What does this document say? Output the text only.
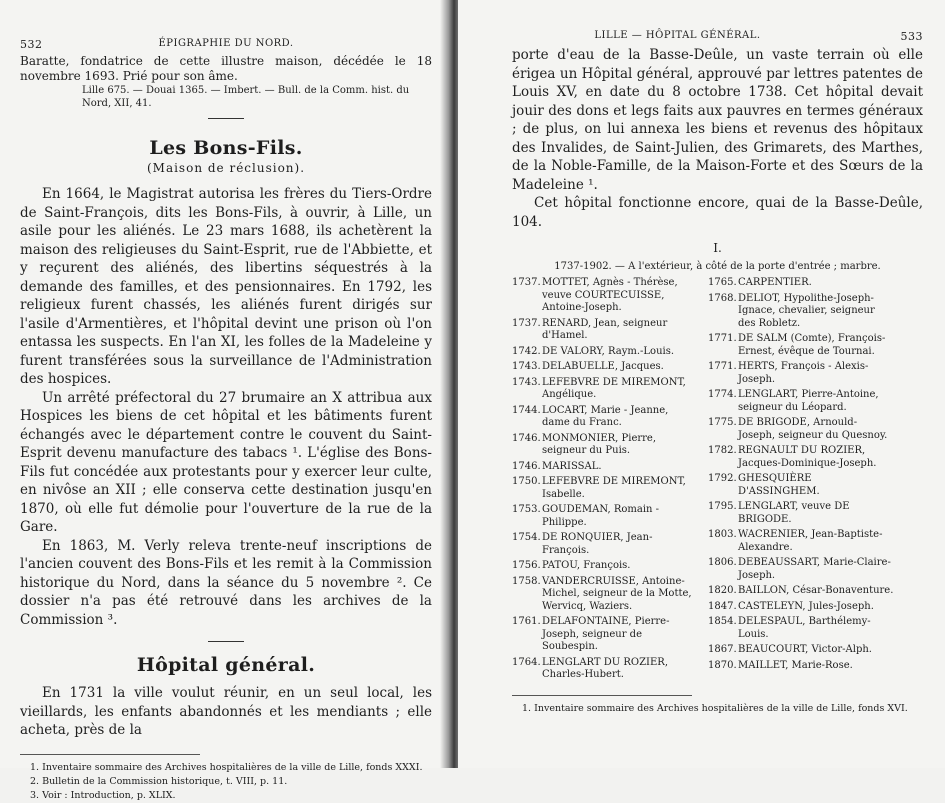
532	ÉPIGRAPHIE DU NORD.

Baratte, fondatrice de cette illustre maison, décédée le 18 novembre 1693. Prié pour son âme.

Lille 675. — Douai 1365. — Imbert. — Bull. de la Comm. hist. du Nord, XII, 41.

Les Bons-Fils.
(Maison de réclusion).

En 1664, le Magistrat autorisa les frères du Tiers-Ordre de Saint-François, dits les Bons-Fils, à ouvrir, à Lille, un asile pour les aliénés. Le 23 mars 1688, ils achetèrent la maison des religieuses du Saint-Esprit, rue de l'Abbiette, et y reçurent des aliénés, des libertins séquestrés à la demande des familles, et des pensionnaires. En 1792, les religieux furent chassés, les aliénés furent dirigés sur l'asile d'Armentières, et l'hôpital devint une prison où l'on entassa les suspects. En l'an XI, les folles de la Madeleine y furent transférées sous la surveillance de l'Administration des hospices.

Un arrêté préfectoral du 27 brumaire an X attribua aux Hospices les biens de cet hôpital et les bâtiments furent échangés avec le département contre le couvent du Saint-Esprit devenu manufacture des tabacs ¹. L'église des Bons-Fils fut concédée aux protestants pour y exercer leur culte, en nivôse an XII ; elle conserva cette destination jusqu'en 1870, où elle fut démolie pour l'ouverture de la rue de la Gare.

En 1863, M. Verly releva trente-neuf inscriptions de l'ancien couvent des Bons-Fils et les remit à la Commission historique du Nord, dans la séance du 5 novembre ². Ce dossier n'a pas été retrouvé dans les archives de la Commission ³.

Hôpital général.

En 1731 la ville voulut réunir, en un seul local, les vieillards, les enfants abandonnés et les mendiants ; elle acheta, près de la

1. Inventaire sommaire des Archives hospitalières de la ville de Lille, fonds XXXI.

2. Bulletin de la Commission historique, t. VIII, p. 11.

3. Voir : Introduction, p. XLIX.

LILLE — HÔPITAL GÉNÉRAL.	533

porte d'eau de la Basse-Deûle, un vaste terrain où elle érigea un Hôpital général, approuvé par lettres patentes de Louis XV, en date du 8 octobre 1738. Cet hôpital devait jouir des dons et legs faits aux pauvres en termes généraux ; de plus, on lui annexa les biens et revenus des hôpitaux des Invalides, de Saint-Julien, des Grimarets, des Marthes, de la Noble-Famille, de la Maison-Forte et des Sœurs de la Madeleine ¹.

Cet hôpital fonctionne encore, quai de la Basse-Deûle, 104.

I.
1737-1902. — A l'extérieur, à côté de la porte d'entrée ; marbre.
1737. MOTTET, Agnès - Thérèse, veuve COURTECUISSE, Antoine-Joseph.
1737. RENARD, Jean, seigneur d'Hamel.
1742. DE VALORY, Raym.-Louis.
1743. DELABUELLE, Jacques.
1743. LEFEBVRE DE MIREMONT, Angélique.
1744. LOCART, Marie - Jeanne, dame du Franc.
1746. MONMONIER, Pierre, seigneur du Puis.
1746. MARISSAL.
1750. LEFEBVRE DE MIREMONT, Isabelle.
1753. GOUDEMAN, Romain - Philippe.
1754. DE RONQUIER, Jean-François.
1756. PATOU, François.
1758. VANDERCRUISSE, Antoine-Michel, seigneur de la Motte, Wervicq, Waziers.
1761. DELAFONTAINE, Pierre-Joseph, seigneur de Soubespin.
1764. LENGLART DU ROZIER, Charles-Hubert.
1765. CARPENTIER.
1768. DELIOT, Hypolithe-Joseph-Ignace, chevalier, seigneur des Robletz.
1771. DE SALM (Comte), François-Ernest, évêque de Tournai.
1771. HERTS, François - Alexis-Joseph.
1774. LENGLART, Pierre-Antoine, seigneur du Léopard.
1775. DE BRIGODE, Arnould-Joseph, seigneur du Quesnoy.
1782. REGNAULT DU ROZIER, Jacques-Dominique-Joseph.
1792. GHESQUIÈRE D'ASSINGHEM.
1795. LENGLART, veuve DE BRIGODE.
1803. WACRENIER, Jean-Baptiste-Alexandre.
1806. DEBEAUSSART, Marie-Claire-Joseph.
1820. BAILLON, César-Bonaventure.
1847. CASTELEYN, Jules-Joseph.
1854. DELESPAUL, Barthélemy-Louis.
1867. BEAUCOURT, Victor-Alph.
1870. MAILLET, Marie-Rose.

1. Inventaire sommaire des Archives hospitalières de la ville de Lille, fonds XVI.
